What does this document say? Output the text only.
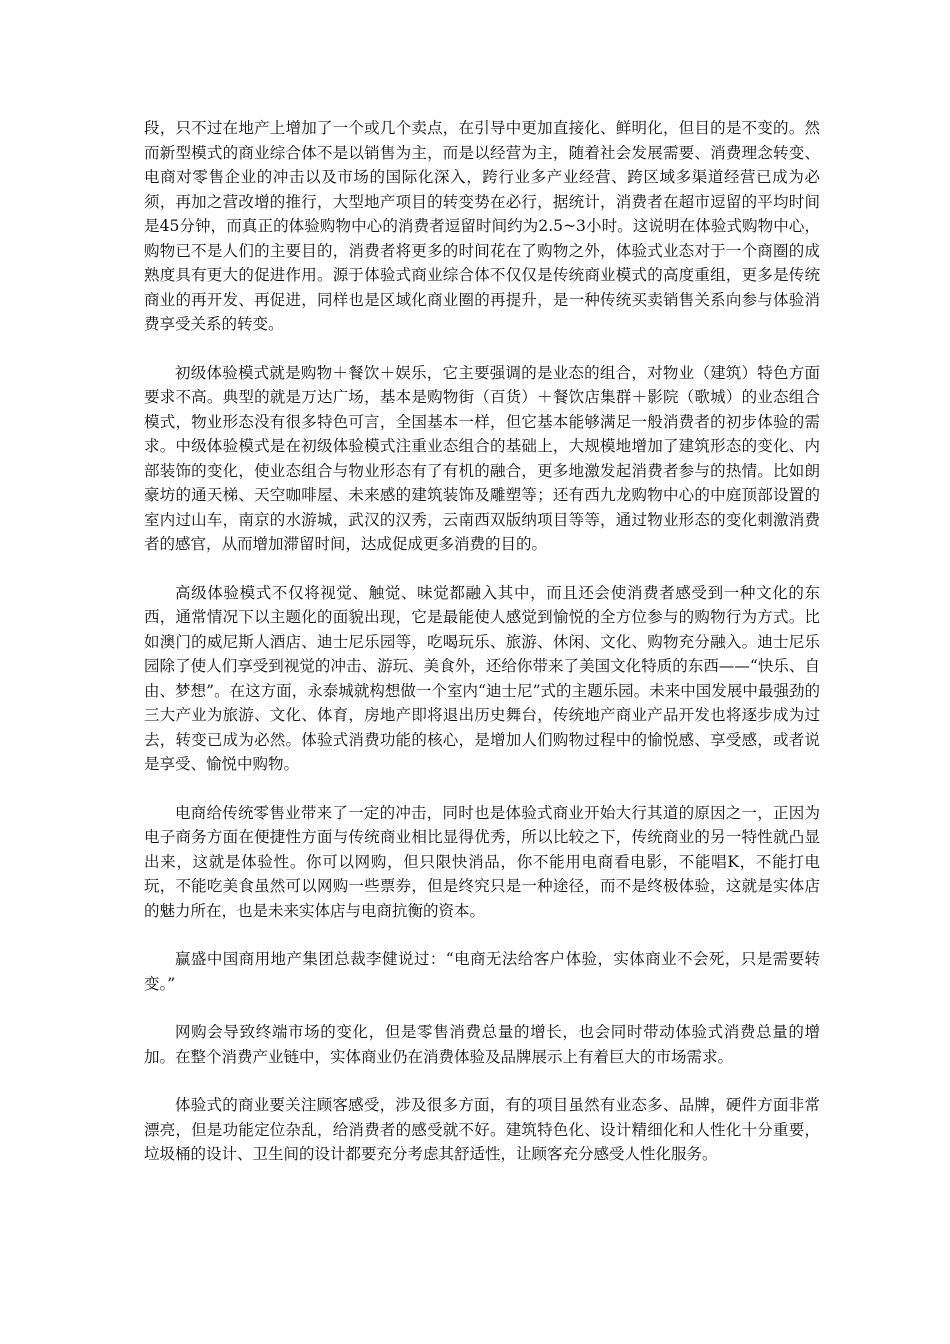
段，只不过在地产上增加了一个或几个卖点，在引导中更加直接化、鲜明化，但目的是不变的。然而新型模式的商业综合体不是以销售为主，而是以经营为主，随着社会发展需要、消费理念转变、电商对零售企业的冲击以及市场的国际化深入，跨行业多产业经营、跨区域多渠道经营已成为必须，再加之营改增的推行，大型地产项目的转变势在必行，据统计，消费者在超市逗留的平均时间是45分钟，而真正的体验购物中心的消费者逗留时间约为2.5~3小时。这说明在体验式购物中心，购物已不是人们的主要目的，消费者将更多的时间花在了购物之外，体验式业态对于一个商圈的成熟度具有更大的促进作用。源于体验式商业综合体不仅仅是传统商业模式的高度重组，更多是传统商业的再开发、再促进，同样也是区域化商业圈的再提升，是一种传统买卖销售关系向参与体验消费享受关系的转变。

初级体验模式就是购物＋餐饮＋娱乐，它主要强调的是业态的组合，对物业（建筑）特色方面要求不高。典型的就是万达广场，基本是购物街（百货）＋餐饮店集群＋影院（歌城）的业态组合模式，物业形态没有很多特色可言，全国基本一样，但它基本能够满足一般消费者的初步体验的需求。中级体验模式是在初级体验模式注重业态组合的基础上，大规模地增加了建筑形态的变化、内部装饰的变化，使业态组合与物业形态有了有机的融合，更多地激发起消费者参与的热情。比如朗豪坊的通天梯、天空咖啡屋、未来感的建筑装饰及雕塑等；还有西九龙购物中心的中庭顶部设置的室内过山车，南京的水游城，武汉的汉秀，云南西双版纳项目等等，通过物业形态的变化刺激消费者的感官，从而增加滞留时间，达成促成更多消费的目的。

高级体验模式不仅将视觉、触觉、味觉都融入其中，而且还会使消费者感受到一种文化的东西，通常情况下以主题化的面貌出现，它是最能使人感觉到愉悦的全方位参与的购物行为方式。比如澳门的威尼斯人酒店、迪士尼乐园等，吃喝玩乐、旅游、休闲、文化、购物充分融入。迪士尼乐园除了使人们享受到视觉的冲击、游玩、美食外，还给你带来了美国文化特质的东西——“快乐、自由、梦想”。在这方面，永泰城就构想做一个室内“迪士尼”式的主题乐园。未来中国发展中最强劲的三大产业为旅游、文化、体育，房地产即将退出历史舞台，传统地产商业产品开发也将逐步成为过去，转变已成为必然。体验式消费功能的核心，是增加人们购物过程中的愉悦感、享受感，或者说是享受、愉悦中购物。

电商给传统零售业带来了一定的冲击，同时也是体验式商业开始大行其道的原因之一，正因为电子商务方面在便捷性方面与传统商业相比显得优秀，所以比较之下，传统商业的另一特性就凸显出来，这就是体验性。你可以网购，但只限快消品，你不能用电商看电影，不能唱K，不能打电玩，不能吃美食虽然可以网购一些票券，但是终究只是一种途径，而不是终极体验，这就是实体店的魅力所在，也是未来实体店与电商抗衡的资本。

赢盛中国商用地产集团总裁李健说过：“电商无法给客户体验，实体商业不会死，只是需要转变。”

网购会导致终端市场的变化，但是零售消费总量的增长，也会同时带动体验式消费总量的增加。在整个消费产业链中，实体商业仍在消费体验及品牌展示上有着巨大的市场需求。

体验式的商业要关注顾客感受，涉及很多方面，有的项目虽然有业态多、品牌，硬件方面非常漂亮，但是功能定位杂乱，给消费者的感受就不好。建筑特色化、设计精细化和人性化十分重要，垃圾桶的设计、卫生间的设计都要充分考虑其舒适性，让顾客充分感受人性化服务。
